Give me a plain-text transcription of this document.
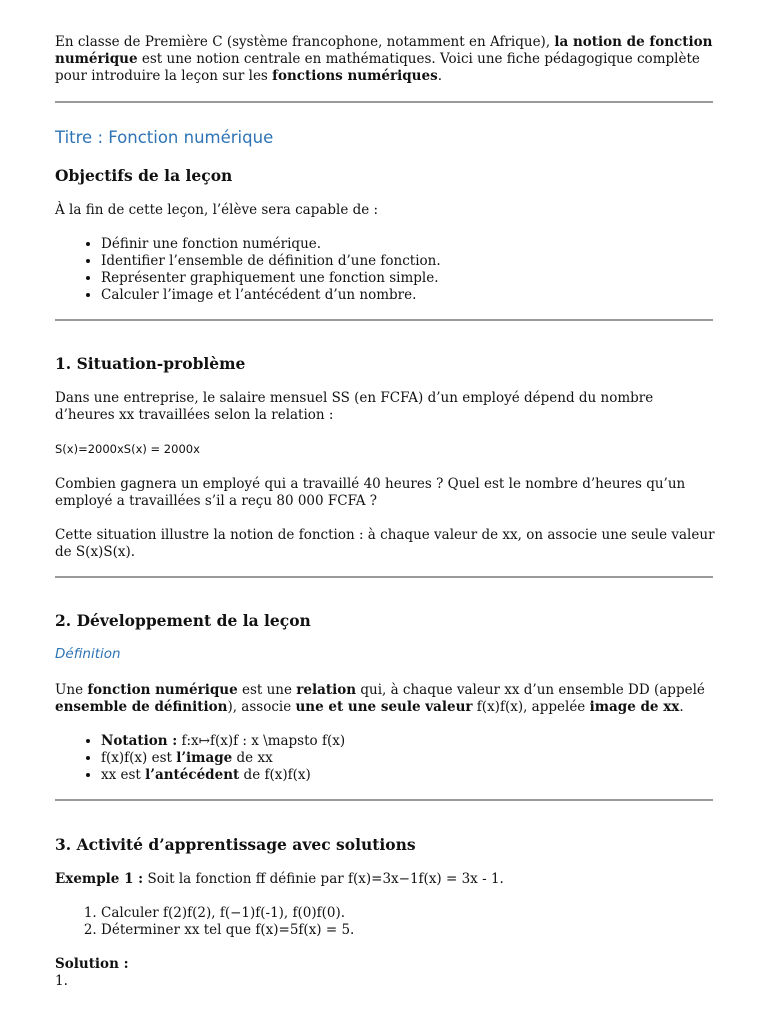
En classe de Première C (système francophone, notamment en Afrique), la notion de fonction numérique est une notion centrale en mathématiques. Voici une fiche pédagogique complète pour introduire la leçon sur les fonctions numériques.

Titre : Fonction numérique
Objectifs de la leçon

À la fin de cette leçon, l’élève sera capable de :

• Définir une fonction numérique.
• Identifier l’ensemble de définition d’une fonction.
• Représenter graphiquement une fonction simple.
• Calculer l’image et l’antécédent d’un nombre.
1. Situation-problème

Dans une entreprise, le salaire mensuel SS (en FCFA) d’un employé dépend du nombre d’heures xx travaillées selon la relation :

S(x)=2000xS(x) = 2000x

Combien gagnera un employé qui a travaillé 40 heures ? Quel est le nombre d’heures qu’un employé a travaillées s’il a reçu 80 000 FCFA ?

Cette situation illustre la notion de fonction : à chaque valeur de xx, on associe une seule valeur de S(x)S(x).

2. Développement de la leçon
Définition

Une fonction numérique est une relation qui, à chaque valeur xx d’un ensemble DD (appelé ensemble de définition), associe une et une seule valeur f(x)f(x), appelée image de xx.

• Notation : f:x↦f(x)f : x \mapsto f(x)
• f(x)f(x) est l’image de xx
• xx est l’antécédent de f(x)f(x)
3. Activité d’apprentissage avec solutions

Exemple 1 : Soit la fonction ff définie par f(x)=3x−1f(x) = 3x - 1.

1. Calculer f(2)f(2), f(−1)f(-1), f(0)f(0).
2. Déterminer xx tel que f(x)=5f(x) = 5.

Solution :
1.
